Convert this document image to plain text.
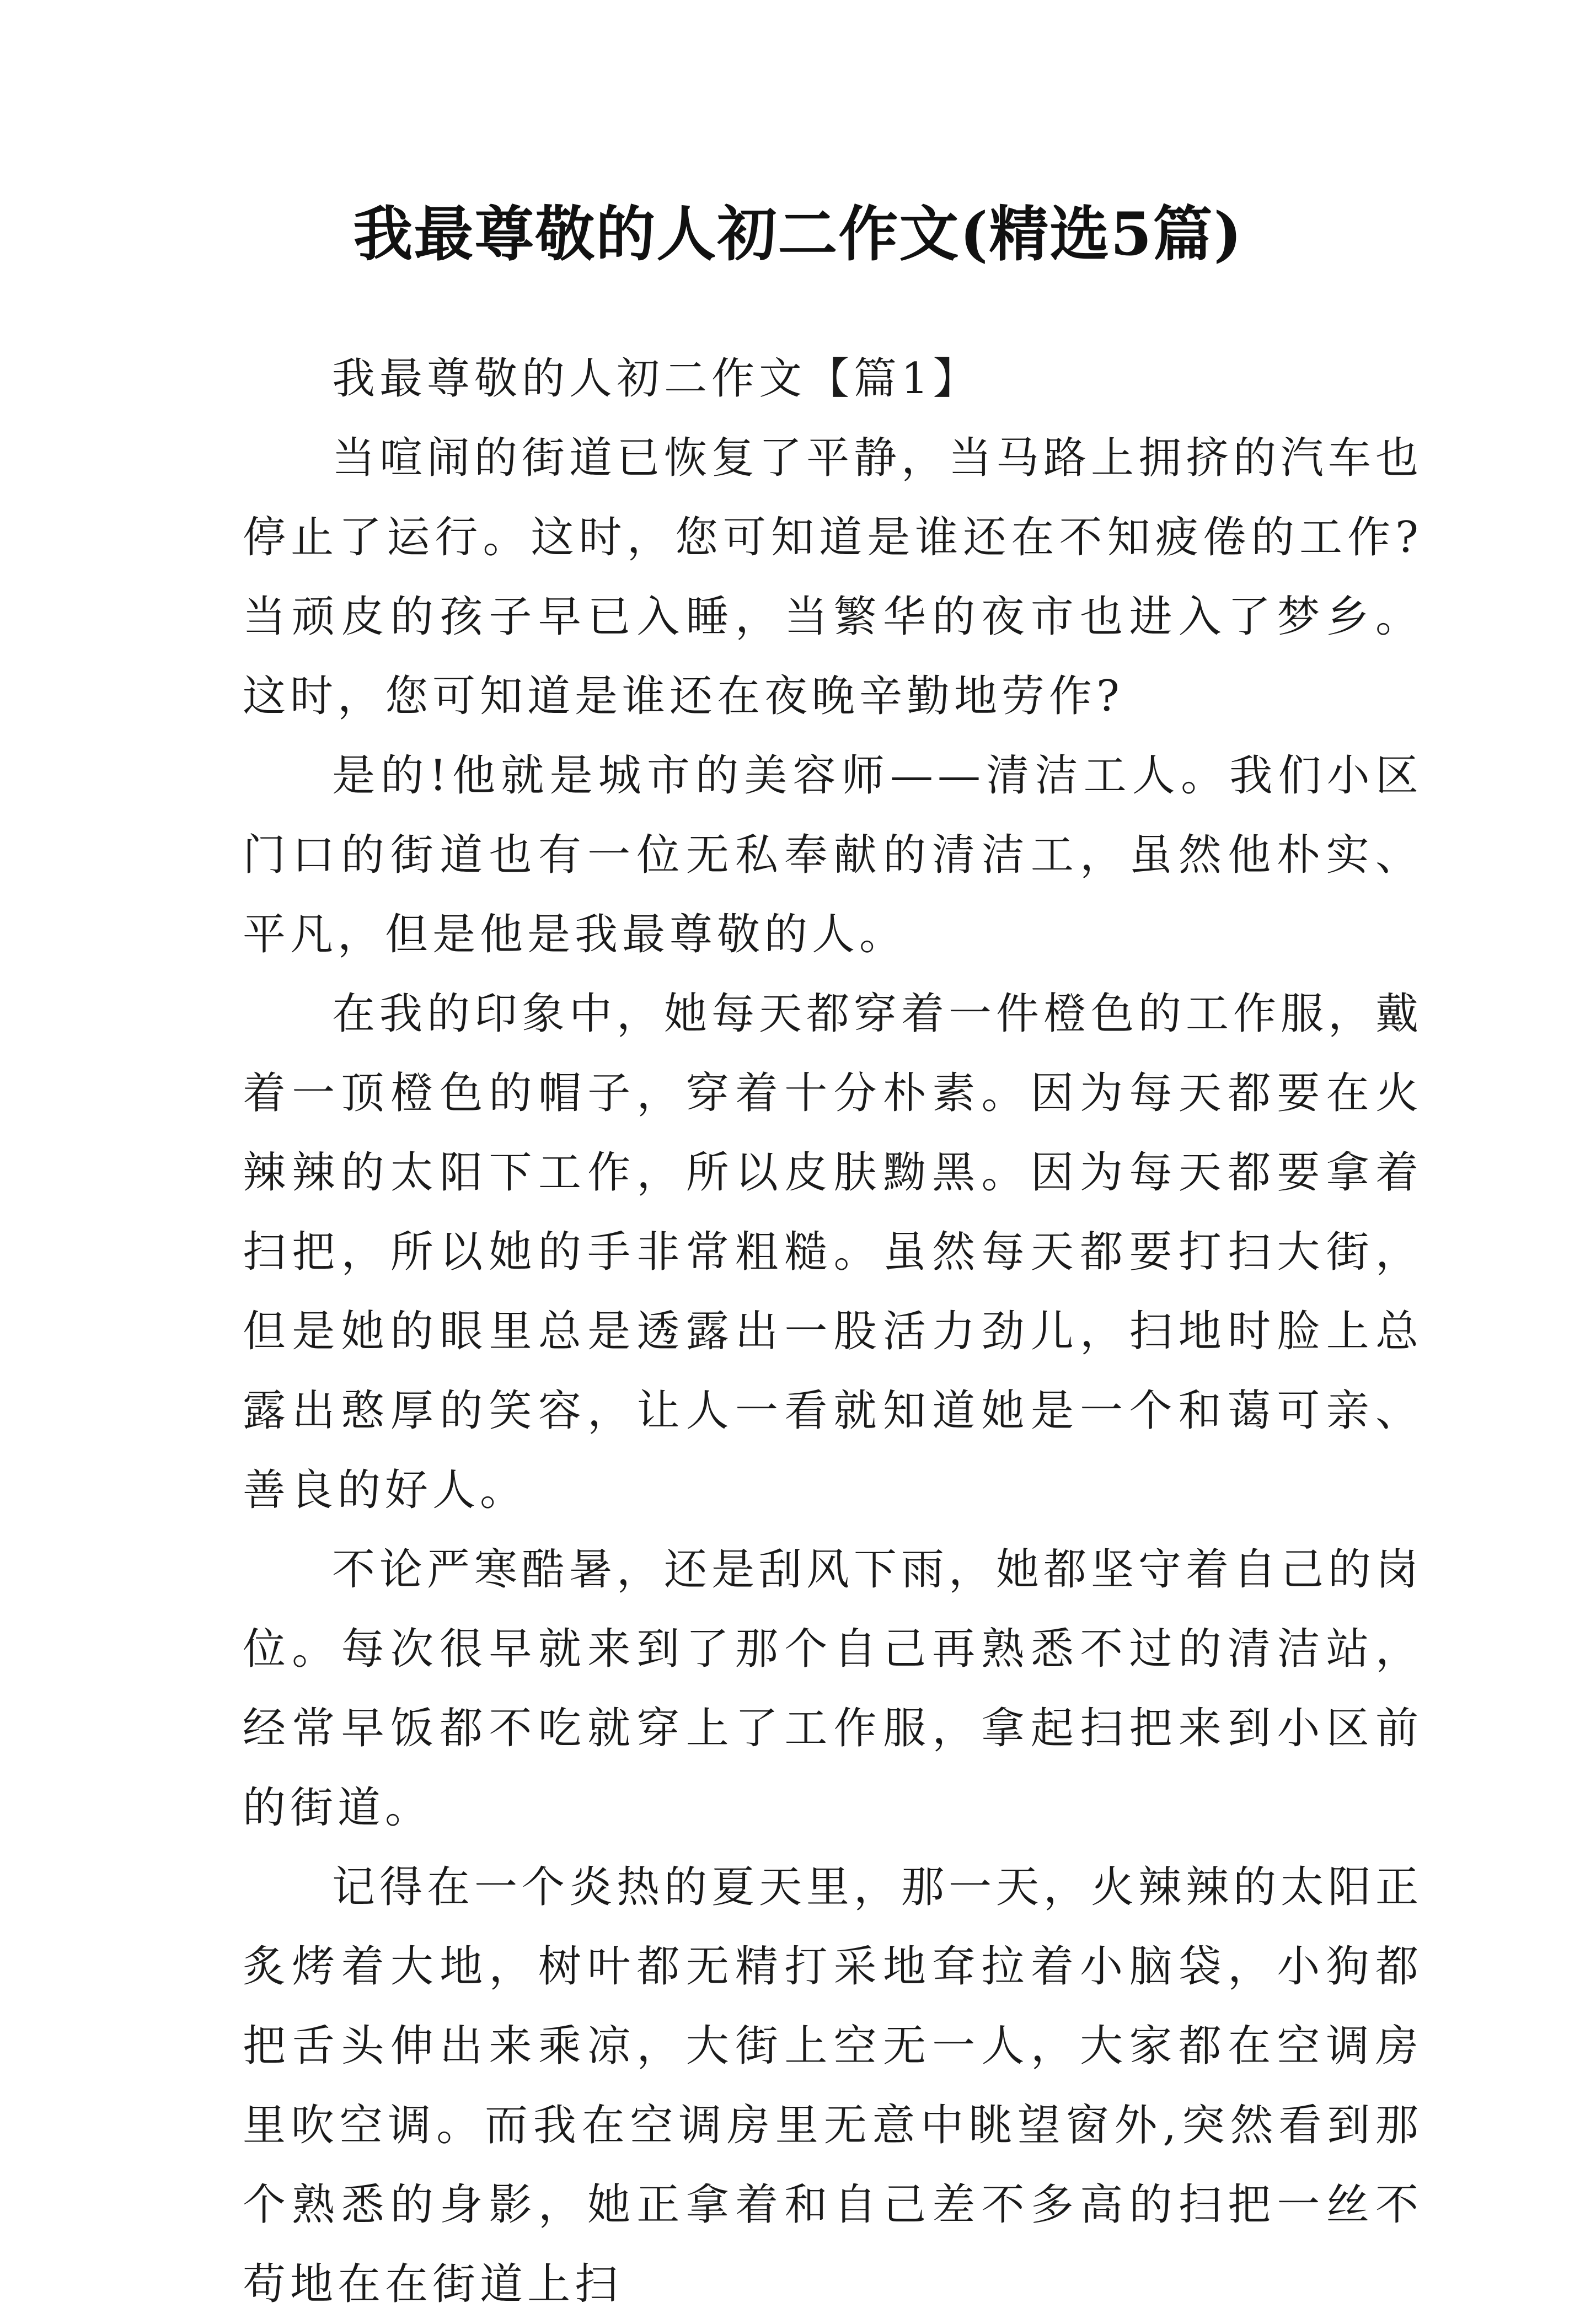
我最尊敬的人初二作文(精选5篇)

我最尊敬的人初二作文【篇1】

当喧闹的街道已恢复了平静，当马路上拥挤的汽车也停止了运行。这时，您可知道是谁还在不知疲倦的工作?当顽皮的孩子早已入睡，当繁华的夜市也进入了梦乡。这时，您可知道是谁还在夜晚辛勤地劳作?

是的!他就是城市的美容师——清洁工人。我们小区门口的街道也有一位无私奉献的清洁工，虽然他朴实、平凡，但是他是我最尊敬的人。

在我的印象中，她每天都穿着一件橙色的工作服，戴着一顶橙色的帽子，穿着十分朴素。因为每天都要在火辣辣的太阳下工作，所以皮肤黝黑。因为每天都要拿着扫把，所以她的手非常粗糙。虽然每天都要打扫大街，但是她的眼里总是透露出一股活力劲儿，扫地时脸上总露出憨厚的笑容，让人一看就知道她是一个和蔼可亲、善良的好人。

不论严寒酷暑，还是刮风下雨，她都坚守着自己的岗位。每次很早就来到了那个自己再熟悉不过的清洁站，经常早饭都不吃就穿上了工作服，拿起扫把来到小区前的街道。

记得在一个炎热的夏天里，那一天，火辣辣的太阳正炙烤着大地，树叶都无精打采地耷拉着小脑袋，小狗都把舌头伸出来乘凉，大街上空无一人，大家都在空调房里吹空调。而我在空调房里无意中眺望窗外,突然看到那个熟悉的身影，她正拿着和自己差不多高的扫把一丝不苟地在在街道上扫
